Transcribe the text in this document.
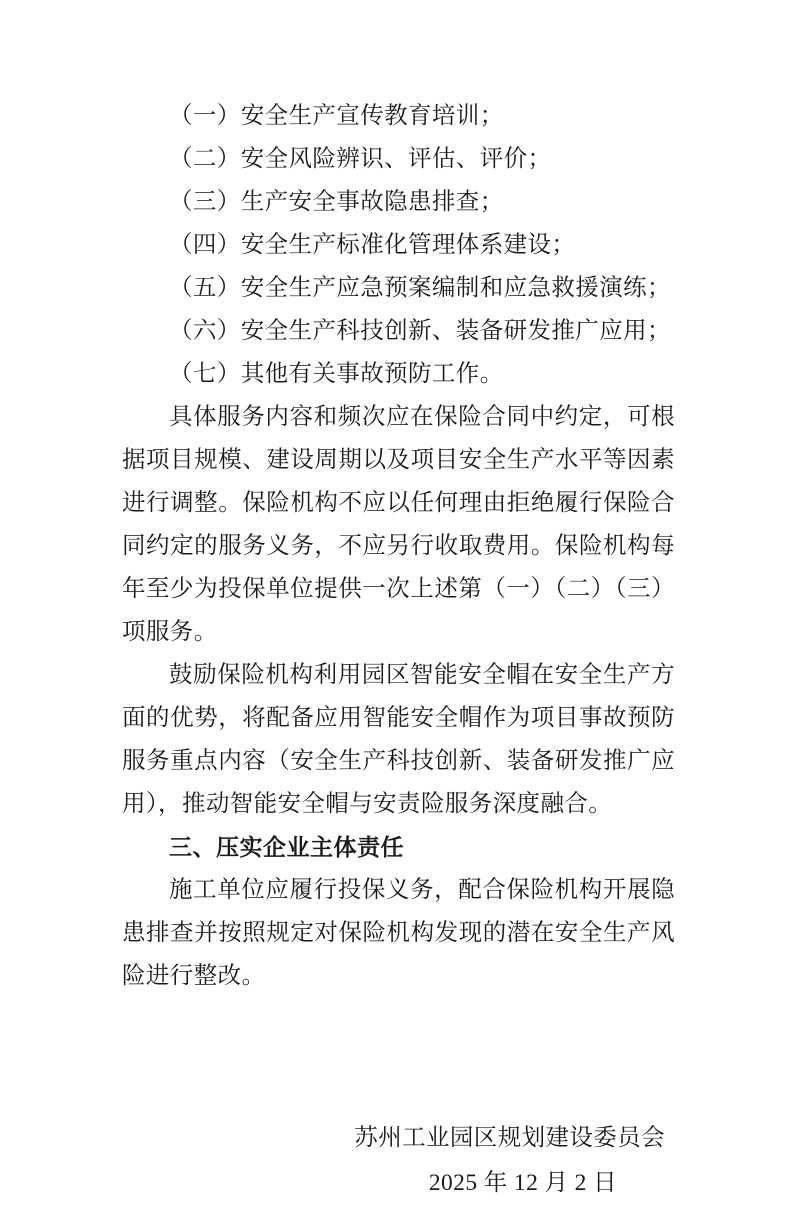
（一）安全生产宣传教育培训；

（二）安全风险辨识、评估、评价；

（三）生产安全事故隐患排查；

（四）安全生产标准化管理体系建设；

（五）安全生产应急预案编制和应急救援演练；

（六）安全生产科技创新、装备研发推广应用；

（七）其他有关事故预防工作。

具体服务内容和频次应在保险合同中约定，可根据项目规模、建设周期以及项目安全生产水平等因素进行调整。保险机构不应以任何理由拒绝履行保险合同约定的服务义务，不应另行收取费用。保险机构每年至少为投保单位提供一次上述第（一）（二）（三）项服务。

鼓励保险机构利用园区智能安全帽在安全生产方面的优势，将配备应用智能安全帽作为项目事故预防服务重点内容（安全生产科技创新、装备研发推广应用），推动智能安全帽与安责险服务深度融合。

三、压实企业主体责任

施工单位应履行投保义务，配合保险机构开展隐患排查并按照规定对保险机构发现的潜在安全生产风险进行整改。

苏州工业园区规划建设委员会

2025 年 12 月 2 日
